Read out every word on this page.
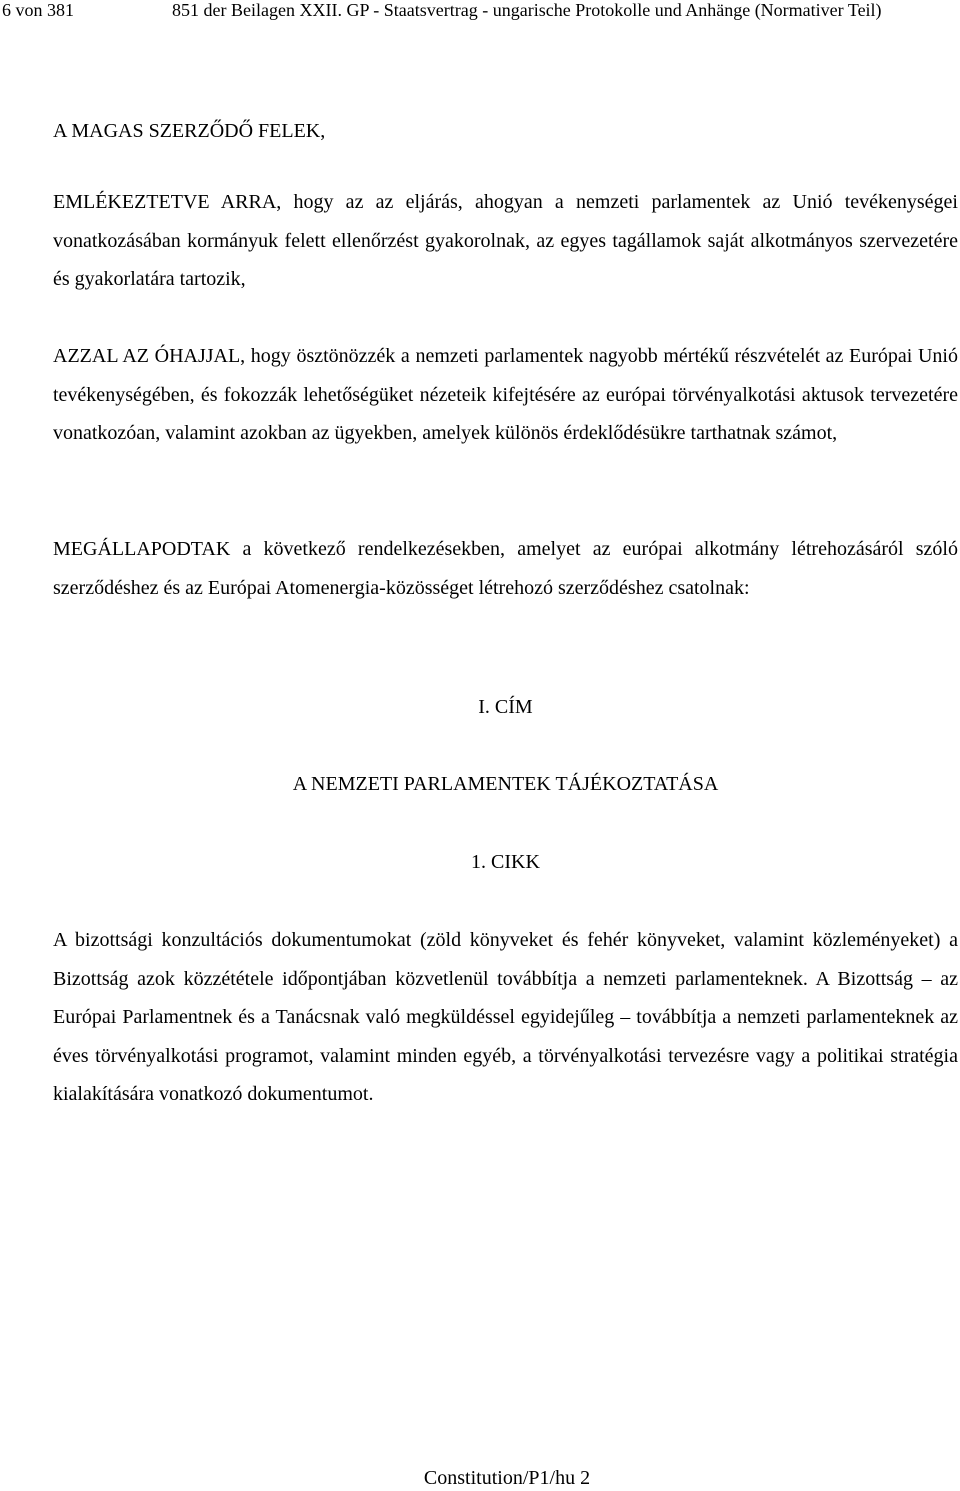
6 von 381	851 der Beilagen XXII. GP - Staatsvertrag - ungarische Protokolle und Anhänge (Normativer Teil)

A MAGAS SZERZŐDŐ FELEK,

EMLÉKEZTETVE ARRA, hogy az az eljárás, ahogyan a nemzeti parlamentek az Unió tevékenységei vonatkozásában kormányuk felett ellenőrzést gyakorolnak, az egyes tagállamok saját alkotmányos szervezetére és gyakorlatára tartozik,

AZZAL AZ ÓHAJJAL, hogy ösztönözzék a nemzeti parlamentek nagyobb mértékű részvételét az Európai Unió tevékenységében, és fokozzák lehetőségüket nézeteik kifejtésére az európai törvényalkotási aktusok tervezetére vonatkozóan, valamint azokban az ügyekben, amelyek különös érdeklődésükre tarthatnak számot,

MEGÁLLAPODTAK a következő rendelkezésekben, amelyet az európai alkotmány létrehozásáról szóló szerződéshez és az Európai Atomenergia-közösséget létrehozó szerződéshez csatolnak:

I. CÍM

A NEMZETI PARLAMENTEK TÁJÉKOZTATÁSA

1. CIKK

A bizottsági konzultációs dokumentumokat (zöld könyveket és fehér könyveket, valamint közleményeket) a Bizottság azok közzététele időpontjában közvetlenül továbbítja a nemzeti parlamenteknek. A Bizottság – az Európai Parlamentnek és a Tanácsnak való megküldéssel egyidejűleg – továbbítja a nemzeti parlamenteknek az éves törvényalkotási programot, valamint minden egyéb, a törvényalkotási tervezésre vagy a politikai stratégia kialakítására vonatkozó dokumentumot.

Constitution/P1/hu 2
